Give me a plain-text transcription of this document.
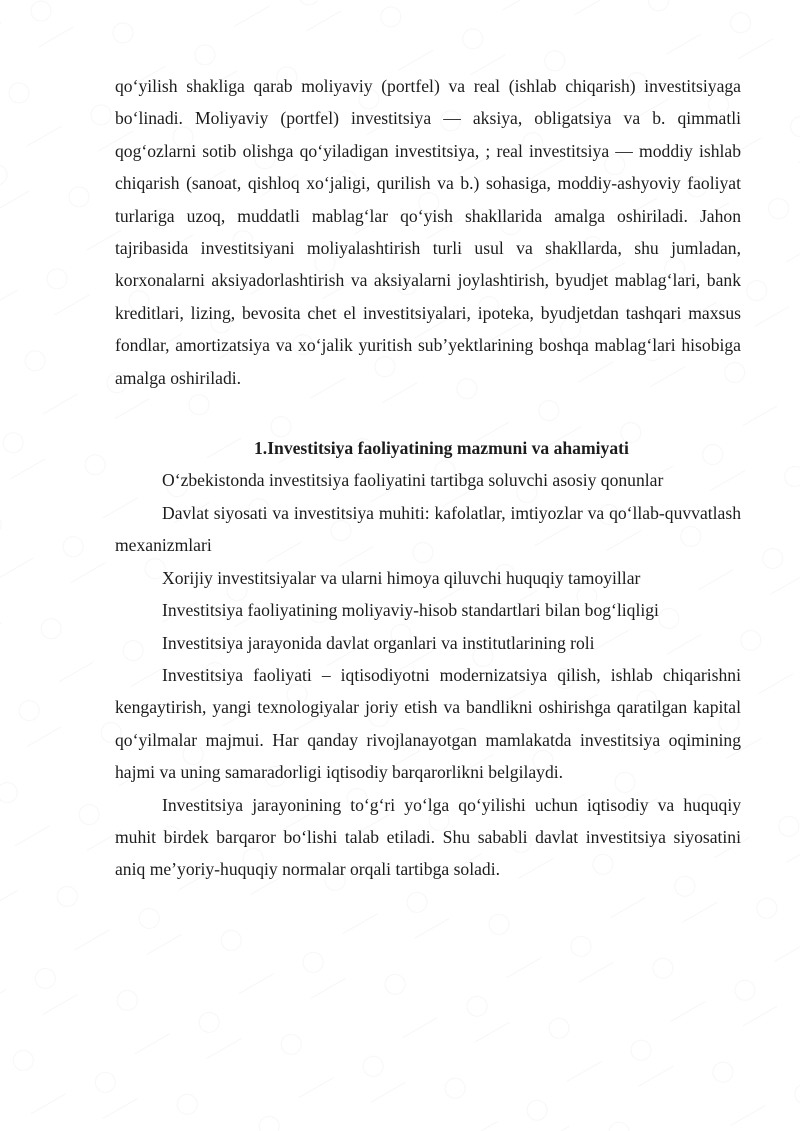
qo‘yilish shakliga qarab moliyaviy (portfel) va real (ishlab chiqarish) investitsiyaga bo‘linadi. Moliyaviy (portfel) investitsiya — aksiya, obligatsiya va b. qimmatli qog‘ozlarni sotib olishga qo‘yiladigan investitsiya, ; real investitsiya — moddiy ishlab chiqarish (sanoat, qishloq xo‘jaligi, qurilish va b.) sohasiga, moddiy-ashyoviy faoliyat turlariga uzoq, muddatli mablag‘lar qo‘yish shakllarida amalga oshiriladi. Jahon tajribasida investitsiyani moliyalashtirish turli usul va shakllarda, shu jumladan, korxonalarni aksiyadorlashtirish va aksiyalarni joylashtirish, byudjet mablag‘lari, bank kreditlari, lizing, bevosita chet el investitsiyalari, ipoteka, byudjetdan tashqari maxsus fondlar, amortizatsiya va xo‘jalik yuritish sub’yektlarining boshqa mablag‘lari hisobiga amalga oshiriladi.

1.Investitsiya faoliyatining mazmuni va ahamiyati

O‘zbekistonda investitsiya faoliyatini tartibga soluvchi asosiy qonunlar

Davlat siyosati va investitsiya muhiti: kafolatlar, imtiyozlar va qo‘llab-quvvatlash mexanizmlari

Xorijiy investitsiyalar va ularni himoya qiluvchi huquqiy tamoyillar

Investitsiya faoliyatining moliyaviy-hisob standartlari bilan bog‘liqligi

Investitsiya jarayonida davlat organlari va institutlarining roli

Investitsiya faoliyati – iqtisodiyotni modernizatsiya qilish, ishlab chiqarishni kengaytirish, yangi texnologiyalar joriy etish va bandlikni oshirishga qaratilgan kapital qo‘yilmalar majmui. Har qanday rivojlanayotgan mamlakatda investitsiya oqimining hajmi va uning samaradorligi iqtisodiy barqarorlikni belgilaydi.

Investitsiya jarayonining to‘g‘ri yo‘lga qo‘yilishi uchun iqtisodiy va huquqiy muhit birdek barqaror bo‘lishi talab etiladi. Shu sababli davlat investitsiya siyosatini aniq me’yoriy-huquqiy normalar orqali tartibga soladi.
